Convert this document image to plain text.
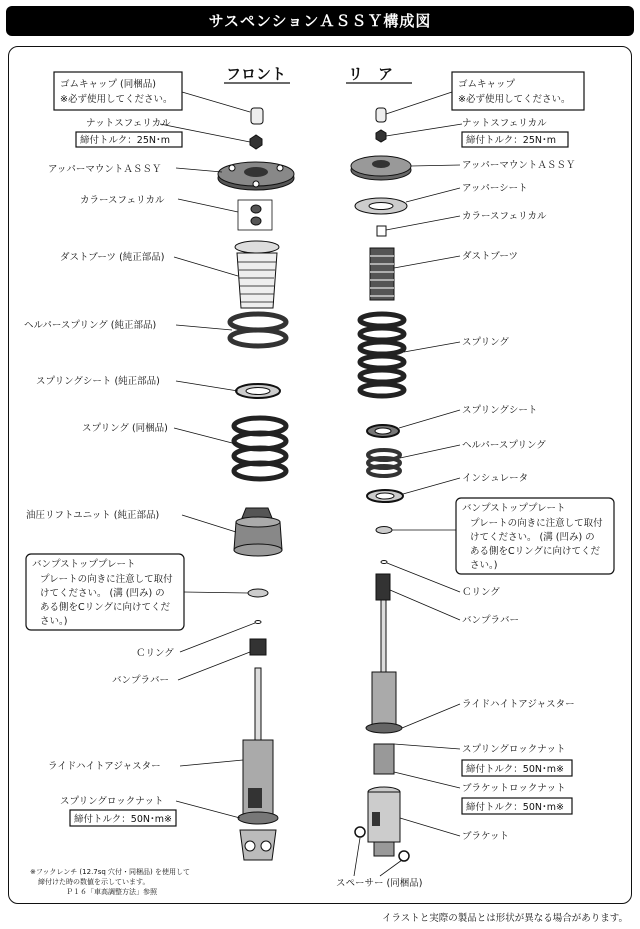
サスペンションＡＳＳＹ構成図
イラストと実際の製品とは形状が異なる場合があります。
フロント	リ　ア
ゴムキャップ (同梱品)
※必ず使用してください。
ナットスフェリカル
締付トルク：25N･m
アッパーマウントＡＳＳＹ
カラースフェリカル
ダストブーツ (純正部品)
ヘルパースプリング (純正部品)
スプリングシート (純正部品)
スプリング (同梱品)
油圧リフトユニット (純正部品)
バンプストッププレート
プレートの向きに注意して取付
けてください。 (溝 (凹み) の
ある側をCリングに向けてくだ
さい。)
Ｃリング
バンプラバー
ライドハイトアジャスター
スプリングロックナット
締付トルク：50N･m※
※フックレンチ (12.7sq 穴付・同梱品) を使用して
締付けた時の数値を示しています。
Ｐ１６「車高調整方法」参照
ゴムキャップ
※必ず使用してください。
ナットスフェリカル
締付トルク：25N･m
アッパーマウントＡＳＳＹ
アッパーシート
カラースフェリカル
ダストブーツ
スプリング
スプリングシート
ヘルパースプリング
インシュレータ
バンプストッププレート
プレートの向きに注意して取付
けてください。 (溝 (凹み) の
ある側をCリングに向けてくだ
さい。)
Ｃリング
バンプラバー
ライドハイトアジャスター
スプリングロックナット
締付トルク：50N･m※
ブラケットロックナット
締付トルク：50N･m※
ブラケット
スペーサー (同梱品)
